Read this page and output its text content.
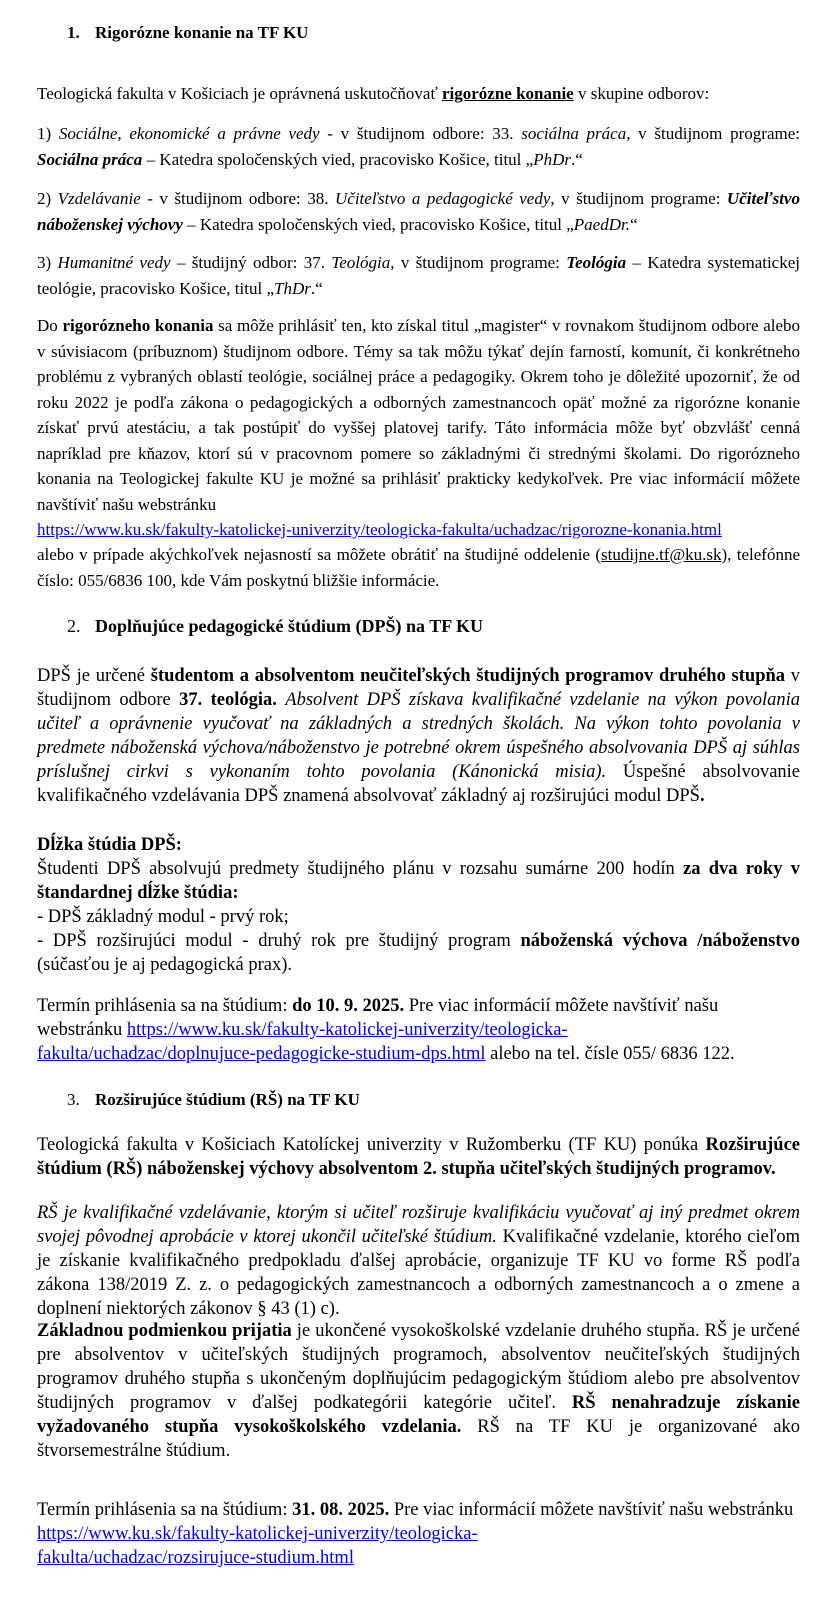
1. Rigorózne konanie na TF KU

Teologická fakulta v Košiciach je oprávnená uskutočňovať rigorózne konanie v skupine odborov:

1) Sociálne, ekonomické a právne vedy - v študijnom odbore: 33. sociálna práca, v študijnom programe: Sociálna práca – Katedra spoločenských vied, pracovisko Košice, titul „PhDr.“

2) Vzdelávanie - v študijnom odbore: 38. Učiteľstvo a pedagogické vedy, v študijnom programe: Učiteľstvo náboženskej výchovy – Katedra spoločenských vied, pracovisko Košice, titul „PaedDr.“

3) Humanitné vedy – študijný odbor: 37. Teológia, v študijnom programe: Teológia – Katedra systematickej teológie, pracovisko Košice, titul „ThDr.“

Do rigorózneho konania sa môže prihlásiť ten, kto získal titul „magister“ v rovnakom študijnom odbore alebo v súvisiacom (príbuznom) študijnom odbore. Témy sa tak môžu týkať dejín farností, komunít, či konkrétneho problému z vybraných oblastí teológie, sociálnej práce a pedagogiky. Okrem toho je dôležité upozorniť, že od roku 2022 je podľa zákona o pedagogických a odborných zamestnancoch opäť možné za rigorózne konanie získať prvú atestáciu, a tak postúpiť do vyššej platovej tarify. Táto informácia môže byť obzvlášť cenná napríklad pre kňazov, ktorí sú v pracovnom pomere so základnými či strednými školami. Do rigorózneho konania na Teologickej fakulte KU je možné sa prihlásiť prakticky kedykoľvek. Pre viac informácií môžete navštíviť našu webstránku

https://www.ku.sk/fakulty-katolickej-univerzity/teologicka-fakulta/uchadzac/rigorozne-konania.html

alebo v prípade akýchkoľvek nejasností sa môžete obrátiť na študijné oddelenie (studijne.tf@ku.sk), telefónne číslo: 055/6836 100, kde Vám poskytnú bližšie informácie.

2. Doplňujúce pedagogické štúdium (DPŠ) na TF KU

DPŠ je určené študentom a absolventom neučiteľských študijných programov druhého stupňa v študijnom odbore 37. teológia. Absolvent DPŠ získava kvalifikačné vzdelanie na výkon povolania učiteľ a oprávnenie vyučovať na základných a stredných školách. Na výkon tohto povolania v predmete náboženská výchova/náboženstvo je potrebné okrem úspešného absolvovania DPŠ aj súhlas príslušnej cirkvi s vykonaním tohto povolania (Kánonická misia). Úspešné absolvovanie kvalifikačného vzdelávania DPŠ znamená absolvovať základný aj rozširujúci modul DPŠ.

Dĺžka štúdia DPŠ:

Študenti DPŠ absolvujú predmety študijného plánu v rozsahu sumárne 200 hodín za dva roky v štandardnej dĺžke štúdia:

- DPŠ základný modul - prvý rok;

- DPŠ rozširujúci modul - druhý rok pre študijný program náboženská výchova /náboženstvo (súčasťou je aj pedagogická prax).

Termín prihlásenia sa na štúdium: do 10. 9. 2025. Pre viac informácií môžete navštíviť našu webstránku https://www.ku.sk/fakulty-katolickej-univerzity/teologicka-
fakulta/uchadzac/doplnujuce-pedagogicke-studium-dps.html alebo na tel. čísle 055/ 6836 122.

3. Rozširujúce štúdium (RŠ) na TF KU

Teologická fakulta v Košiciach Katolíckej univerzity v Ružomberku (TF KU) ponúka Rozširujúce štúdium (RŠ) náboženskej výchovy absolventom 2. stupňa učiteľských študijných programov.

RŠ je kvalifikačné vzdelávanie, ktorým si učiteľ rozširuje kvalifikáciu vyučovať aj iný predmet okrem svojej pôvodnej aprobácie v ktorej ukončil učiteľské štúdium. Kvalifikačné vzdelanie, ktorého cieľom je získanie kvalifikačného predpokladu ďalšej aprobácie, organizuje TF KU vo forme RŠ podľa zákona 138/2019 Z. z. o pedagogických zamestnancoch a odborných zamestnancoch a o zmene a doplnení niektorých zákonov § 43 (1) c).

Základnou podmienkou prijatia je ukončené vysokoškolské vzdelanie druhého stupňa. RŠ je určené pre absolventov v učiteľských študijných programoch, absolventov neučiteľských študijných programov druhého stupňa s ukončeným doplňujúcim pedagogickým štúdiom alebo pre absolventov študijných programov v ďalšej podkategórii kategórie učiteľ. RŠ nenahradzuje získanie vyžadovaného stupňa vysokoškolského vzdelania. RŠ na TF KU je organizované ako štvorsemestrálne štúdium.

Termín prihlásenia sa na štúdium: 31. 08. 2025. Pre viac informácií môžete navštíviť našu webstránku https://www.ku.sk/fakulty-katolickej-univerzity/teologicka-
fakulta/uchadzac/rozsirujuce-studium.html
